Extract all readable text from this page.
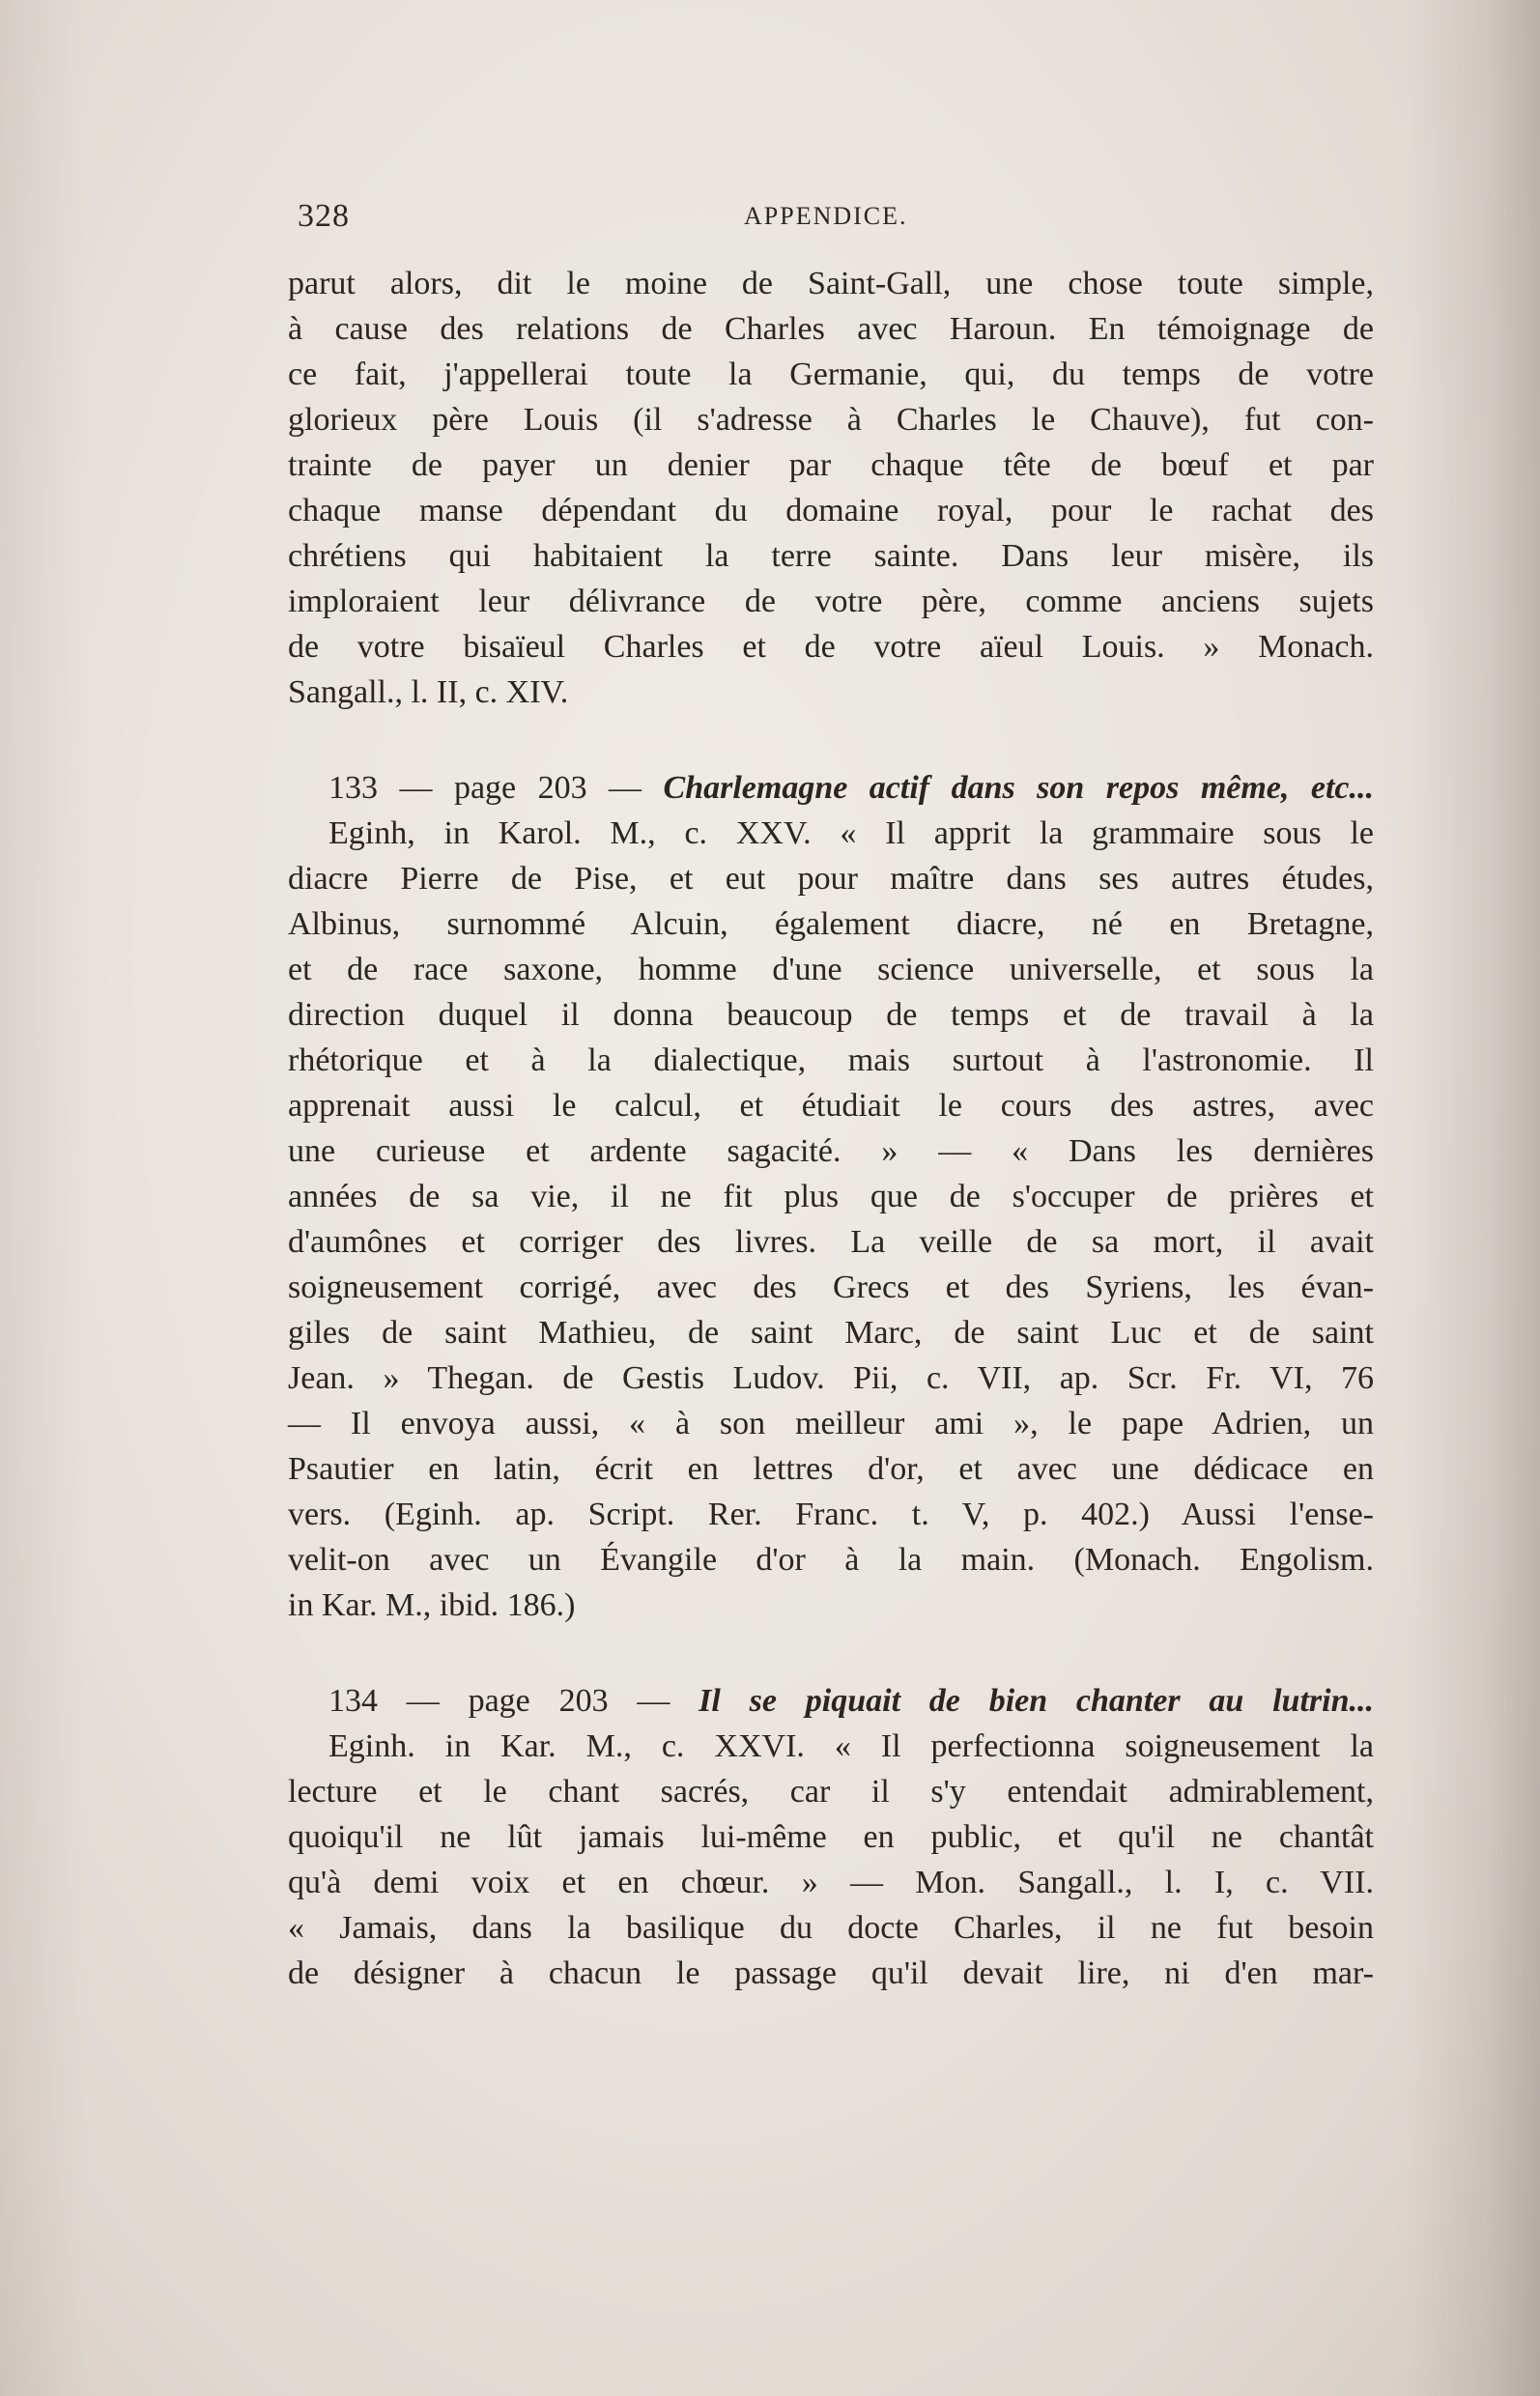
328	APPENDICE.
parut alors, dit le moine de Saint-Gall, une chose toute simple,
à cause des relations de Charles avec Haroun. En témoignage de
ce fait, j'appellerai toute la Germanie, qui, du temps de votre
glorieux père Louis (il s'adresse à Charles le Chauve), fut con-
trainte de payer un denier par chaque tête de bœuf et par
chaque manse dépendant du domaine royal, pour le rachat des
chrétiens qui habitaient la terre sainte. Dans leur misère, ils
imploraient leur délivrance de votre père, comme anciens sujets
de votre bisaïeul Charles et de votre aïeul Louis. » Monach.
Sangall., l. II, c. XIV.
133 — page 203 — Charlemagne actif dans son repos même, etc...
Eginh, in Karol. M., c. XXV. « Il apprit la grammaire sous le
diacre Pierre de Pise, et eut pour maître dans ses autres études,
Albinus, surnommé Alcuin, également diacre, né en Bretagne,
et de race saxone, homme d'une science universelle, et sous la
direction duquel il donna beaucoup de temps et de travail à la
rhétorique et à la dialectique, mais surtout à l'astronomie. Il
apprenait aussi le calcul, et étudiait le cours des astres, avec
une curieuse et ardente sagacité. » — « Dans les dernières
années de sa vie, il ne fit plus que de s'occuper de prières et
d'aumônes et corriger des livres. La veille de sa mort, il avait
soigneusement corrigé, avec des Grecs et des Syriens, les évan-
giles de saint Mathieu, de saint Marc, de saint Luc et de saint
Jean. » Thegan. de Gestis Ludov. Pii, c. VII, ap. Scr. Fr. VI, 76
— Il envoya aussi, « à son meilleur ami », le pape Adrien, un
Psautier en latin, écrit en lettres d'or, et avec une dédicace en
vers. (Eginh. ap. Script. Rer. Franc. t. V, p. 402.) Aussi l'ense-
velit-on avec un Évangile d'or à la main. (Monach. Engolism.
in Kar. M., ibid. 186.)
134 — page 203 — Il se piquait de bien chanter au lutrin...
Eginh. in Kar. M., c. XXVI. « Il perfectionna soigneusement la
lecture et le chant sacrés, car il s'y entendait admirablement,
quoiqu'il ne lût jamais lui-même en public, et qu'il ne chantât
qu'à demi voix et en chœur. » — Mon. Sangall., l. I, c. VII.
« Jamais, dans la basilique du docte Charles, il ne fut besoin
de désigner à chacun le passage qu'il devait lire, ni d'en mar-
